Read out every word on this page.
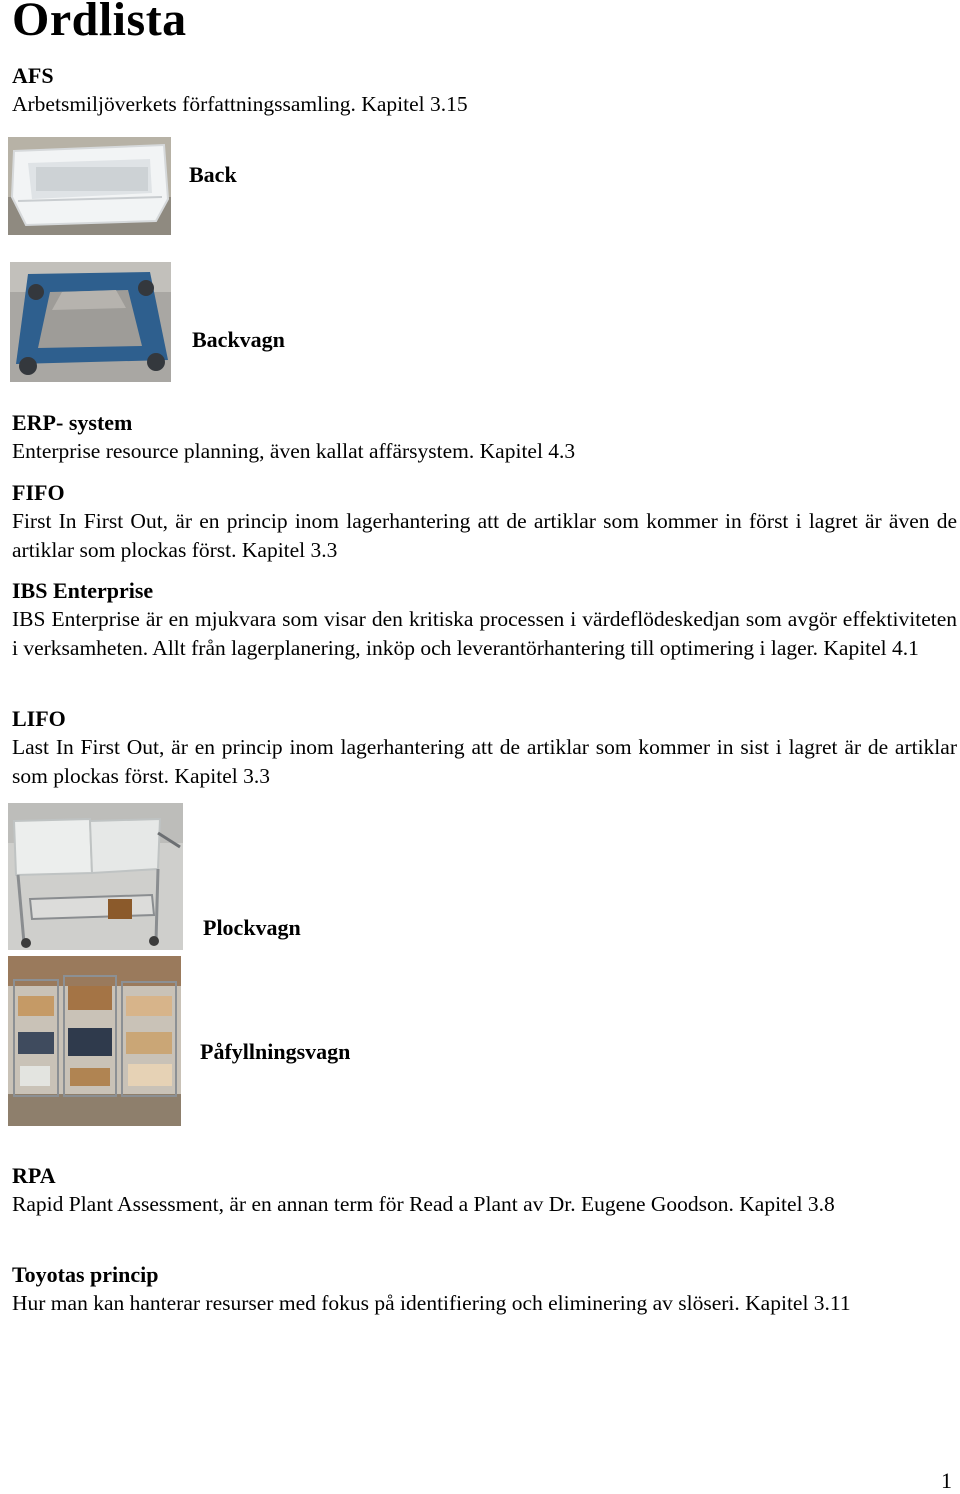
Ordlista
AFS
Arbetsmiljöverkets författningssamling. Kapitel 3.15
Back
Backvagn
ERP- system
Enterprise resource planning, även kallat affärsystem. Kapitel 4.3
FIFO
First In First Out, är en princip inom lagerhantering att de artiklar som kommer in först i lagret är även de artiklar som plockas först. Kapitel 3.3
IBS Enterprise
IBS Enterprise är en mjukvara som visar den kritiska processen i värdeflödeskedjan som avgör effektiviteten i verksamheten. Allt från lagerplanering, inköp och leverantörhantering till optimering i lager. Kapitel 4.1
LIFO
Last In First Out, är en princip inom lagerhantering att de artiklar som kommer in sist i lagret är de artiklar som plockas först. Kapitel 3.3
Plockvagn
Påfyllningsvagn
RPA
Rapid Plant Assessment, är en annan term för Read a Plant av Dr. Eugene Goodson. Kapitel 3.8
Toyotas princip
Hur man kan hanterar resurser med fokus på identifiering och eliminering av slöseri. Kapitel 3.11
1
